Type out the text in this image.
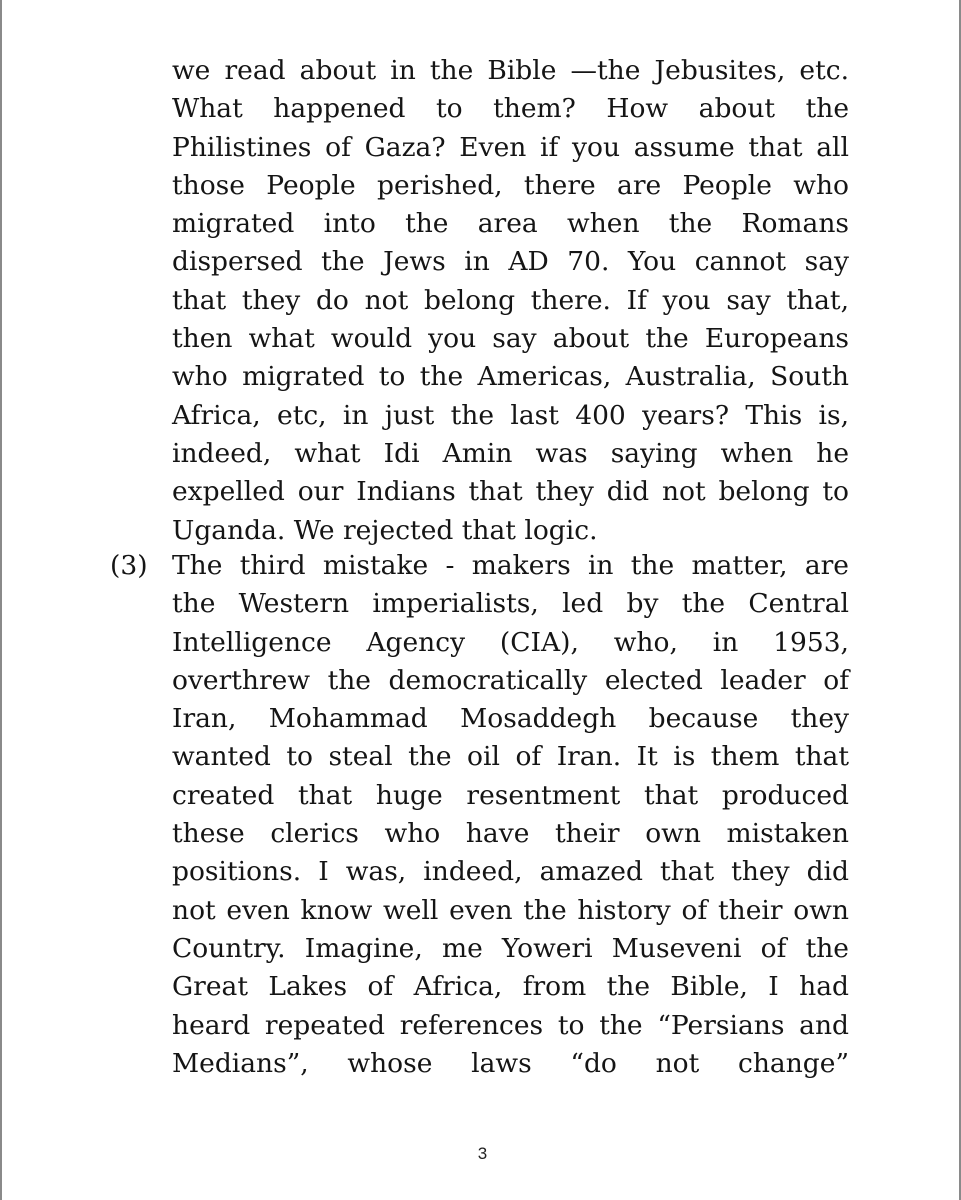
we read about in the Bible —the Jebusites, etc.
What happened to them? How about the
Philistines of Gaza? Even if you assume that all
those People perished, there are People who
migrated into the area when the Romans
dispersed the Jews in AD 70. You cannot say
that they do not belong there. If you say that,
then what would you say about the Europeans
who migrated to the Americas, Australia, South
Africa, etc, in just the last 400 years? This is,
indeed, what Idi Amin was saying when he
expelled our Indians that they did not belong to
Uganda. We rejected that logic.
(3) The third mistake - makers in the matter, are
the Western imperialists, led by the Central
Intelligence Agency (CIA), who, in 1953,
overthrew the democratically elected leader of
Iran, Mohammad Mosaddegh because they
wanted to steal the oil of Iran. It is them that
created that huge resentment that produced
these clerics who have their own mistaken
positions. I was, indeed, amazed that they did
not even know well even the history of their own
Country. Imagine, me Yoweri Museveni of the
Great Lakes of Africa, from the Bible, I had
heard repeated references to the “Persians and
Medians”, whose laws “do not change”
3
